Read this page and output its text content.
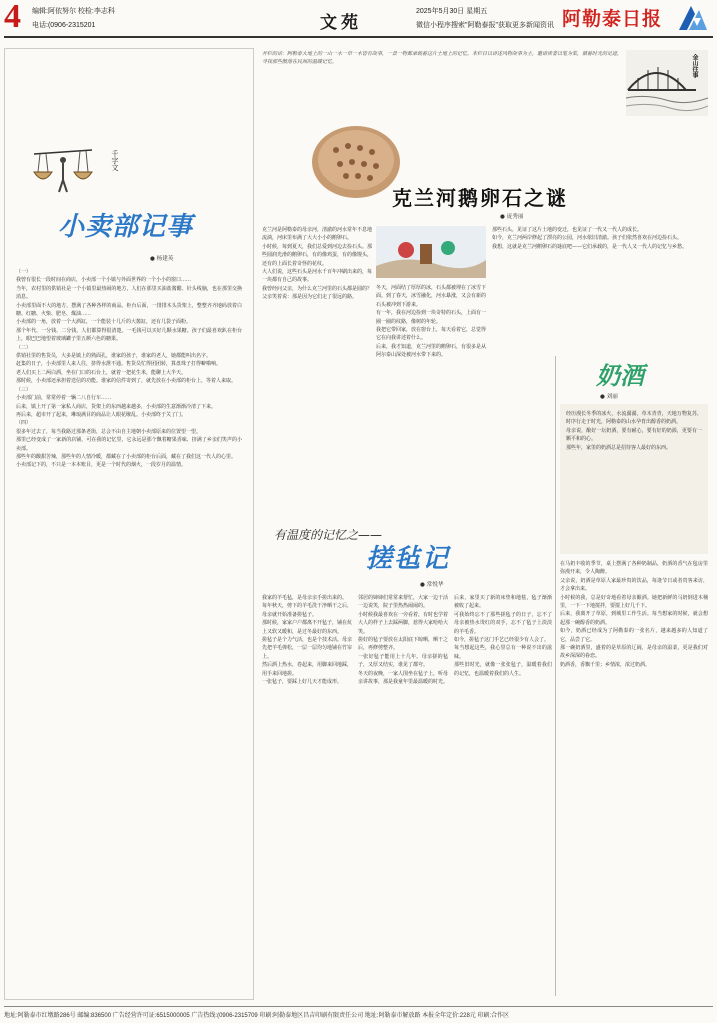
4 编辑:阿依努尔 校检:李志科
电话:(0906-2315201	文苑
2025年5月30日 星期五
微信小程序搜索"阿勒泰报"获取更多新闻资讯 阿勒泰日报
千字文
小卖部记事
● 杨建英
（一）
我曾有很长一段时间在商店，小卖部一个小镇与外面世界的一个小小的窗口……
当年，农村里的供销社是一个小镇里最热闹的地方，人们在那里买油盐酱醋、针头线脑，也在那里交换消息。
小卖部里面不大的地方，摆满了各种各样的商品。柜台后面，一排排木头货架上，整整齐齐地码放着白糖、红糖、火柴、肥皂、煤油……
小卖部的一角，放着一个大酒缸，一个能装十几斤的大酱缸，还有几袋子面粉。
那个年代，一分钱、二分钱，人们都算得很清楚。一毛钱可以买好几颗水果糖。孩子们最喜欢趴在柜台上，眼巴巴地望着玻璃罐子里五颜六色的糖果。
（二）
供销社里的售货员，大多是镇上的熟面孔，谁家的孩子，谁家的老人，她都能叫出名字。
赶集的日子，小卖部里人来人往，挤得水泄不通。售货员忙得团团转，算盘珠子打得噼啪响。
老人们买上二两白酒，坐在门口的石台上，就着一把花生米，能聊上大半天。
那时候，小卖部还承担着送信的功能。谁家的信件寄到了，就先放在小卖部的柜台上，等着人来取。
（三）
小卖部门前，常常停着一辆二八自行车……
后来，镇上开了第一家私人商店，货架上的东西越来越多，小卖部的生意渐渐冷清了下来。
再后来，超市开了起来，琳琅满目的商品让人眼花缭乱。小卖部终于关了门。
（四）
很多年过去了，每当我路过那条老街，总会不由自主地朝小卖部原来的位置望一望。
那里已经变成了一家新的店铺，可在我的记忆里，它永远是那个飘着糖果香味、挤满了乡亲们笑声的小卖部。
那些年的酸甜苦辣，那些年的人情冷暖，都藏在了小卖部的柜台后面，藏在了我们这一代人的心里。
小卖部记下的，不只是一本本账目，更是一个时代的烟火，一段岁月的温情。
开栏的话：阿勒泰大地上的一山一水一草一木皆有故事，一景一物都承载着这片土地上的记忆。本栏目以讲述风物故事为主，邀请读者以笔为桨，循着时光的足迹，寻找那些散落在民间的温暖记忆。	金山往事
克兰河鹅卵石之谜
● 庞秀丽
克兰河是阿勒泰的母亲河，清澈的河水常年不息地流淌，河床里布满了大大小小的鹅卵石。
小时候，每到夏天，我们总爱到河边去捡石头。那些圆润光滑的鹅卵石，有的像鸡蛋，有的像馒头，还有的上面长着奇怪的花纹。
大人们说，这些石头是河水千百年冲刷出来的，每一块都有自己的故事。
我曾经问父亲，为什么克兰河里的石头都是圆的？父亲笑着说：那是因为它们走了很远的路。
冬天，河面结了厚厚的冰，石头都被埋在了冰雪下面。到了春天，冰雪融化，河水暴涨，又会有新的石头被冲到下游来。
有一年，我在河边捡到一块奇特的石头，上面有一圈一圈的纹路，像树的年轮。
我把它带回家，放在窗台上，每天看着它，总觉得它在向我讲述着什么。
后来，我才知道，克兰河里的鹅卵石，有很多是从阿尔泰山深处被河水带下来的。
那些石头，见证了这片土地的变迁，也见证了一代又一代人的成长。
如今，克兰河两岸修起了漂亮的公园，河水依旧清澈。孩子们依然喜欢在河边捡石头。
我想，这就是克兰河鹅卵石的谜底吧——它们承载的，是一代人又一代人的记忆与乡愁。
奶酒
● 刘丽
经历漫长冬季的冰火，水流潺潺，草木青青，天地万物复苏，时序行走于时光，阿勒泰的山水孕育出醇香的奶酒。
母亲说，酿好一坛奶酒，要有耐心，要有好的奶源，更要有一颗平和的心。
那些年，家里的奶酒总是招待客人最好的东西。
在马奶丰收的季节，桌上摆满了各种奶制品，奶酒的香气在毡房里弥漫开来，令人陶醉。
父亲说，奶酒是草原人家最珍贵的饮品，每逢节日或者贵客来访，才会拿出来。
小时候的我，总是好奇地看着母亲酿酒。她把新鲜的马奶倒进木桶里，一下一下地搅拌，要搅上好几千下。
后来，我离开了草原，到城里工作生活。每当想家的时候，就会想起那一碗醇香的奶酒。
如今，奶酒已经成为了阿勒泰的一张名片，越来越多的人知道了它，品尝了它。
那一碗奶酒里，盛着的是草原的辽阔，是母亲的温柔，更是我们对故乡深深的眷恋。
奶酒香，香飘千里；乡情浓，浓过奶酒。
有温度的记忆之——
搓毡记
● 常悦华
我家的羊毛毡，是母亲亲手搓出来的。
每年秋天，剪下的羊毛洗干净晒干之后，母亲就开始准备搓毡子。
那时候，家家户户都离不开毡子，铺在炕上又软又暖和，是过冬最好的东西。
搓毡子是个力气活，也是个技术活。母亲先把羊毛弹松，一层一层均匀地铺在竹帘上。
然后洒上热水，卷起来，用脚来回地踩，用手来回地搓。
一张毡子，要踩上好几天才能成形。
邻居的婶婶们常常来帮忙，大家一边干活一边说笑，院子里热热闹闹的。
小时候我最喜欢在一旁看着，有时也学着大人的样子上去踩两脚，惹得大家哈哈大笑。
搓好的毡子要放在太阳底下晾晒，晒干之后，再修剪整齐。
一张好毡子能用上十几年。母亲搓的毡子，又厚又结实，谁见了都夸。
冬天的夜晚，一家人围坐在毡子上，听母亲讲故事，那是我童年里最温暖的时光。
后来，家里买了新的床垫和地毯，毡子渐渐被收了起来。
可我始终忘不了那些搓毡子的日子，忘不了母亲被热水烫红的双手，忘不了毡子上淡淡的羊毛香。
如今，搓毡子这门手艺已经很少有人会了。
每当想起这些，我心里总有一种说不出的滋味。
那些旧时光，就像一张张毡子，温暖着我们的记忆，也温暖着我们的人生。
地址:阿勒泰市红墩路286号 邮编:836500 广告经营许可证:6515000005 广告热线:(0906-2315709 印刷:阿勒泰地区昌吉印刷有限责任公司 地址:阿勒泰市解放路 本报全年定价:228元 印刷:合作区
